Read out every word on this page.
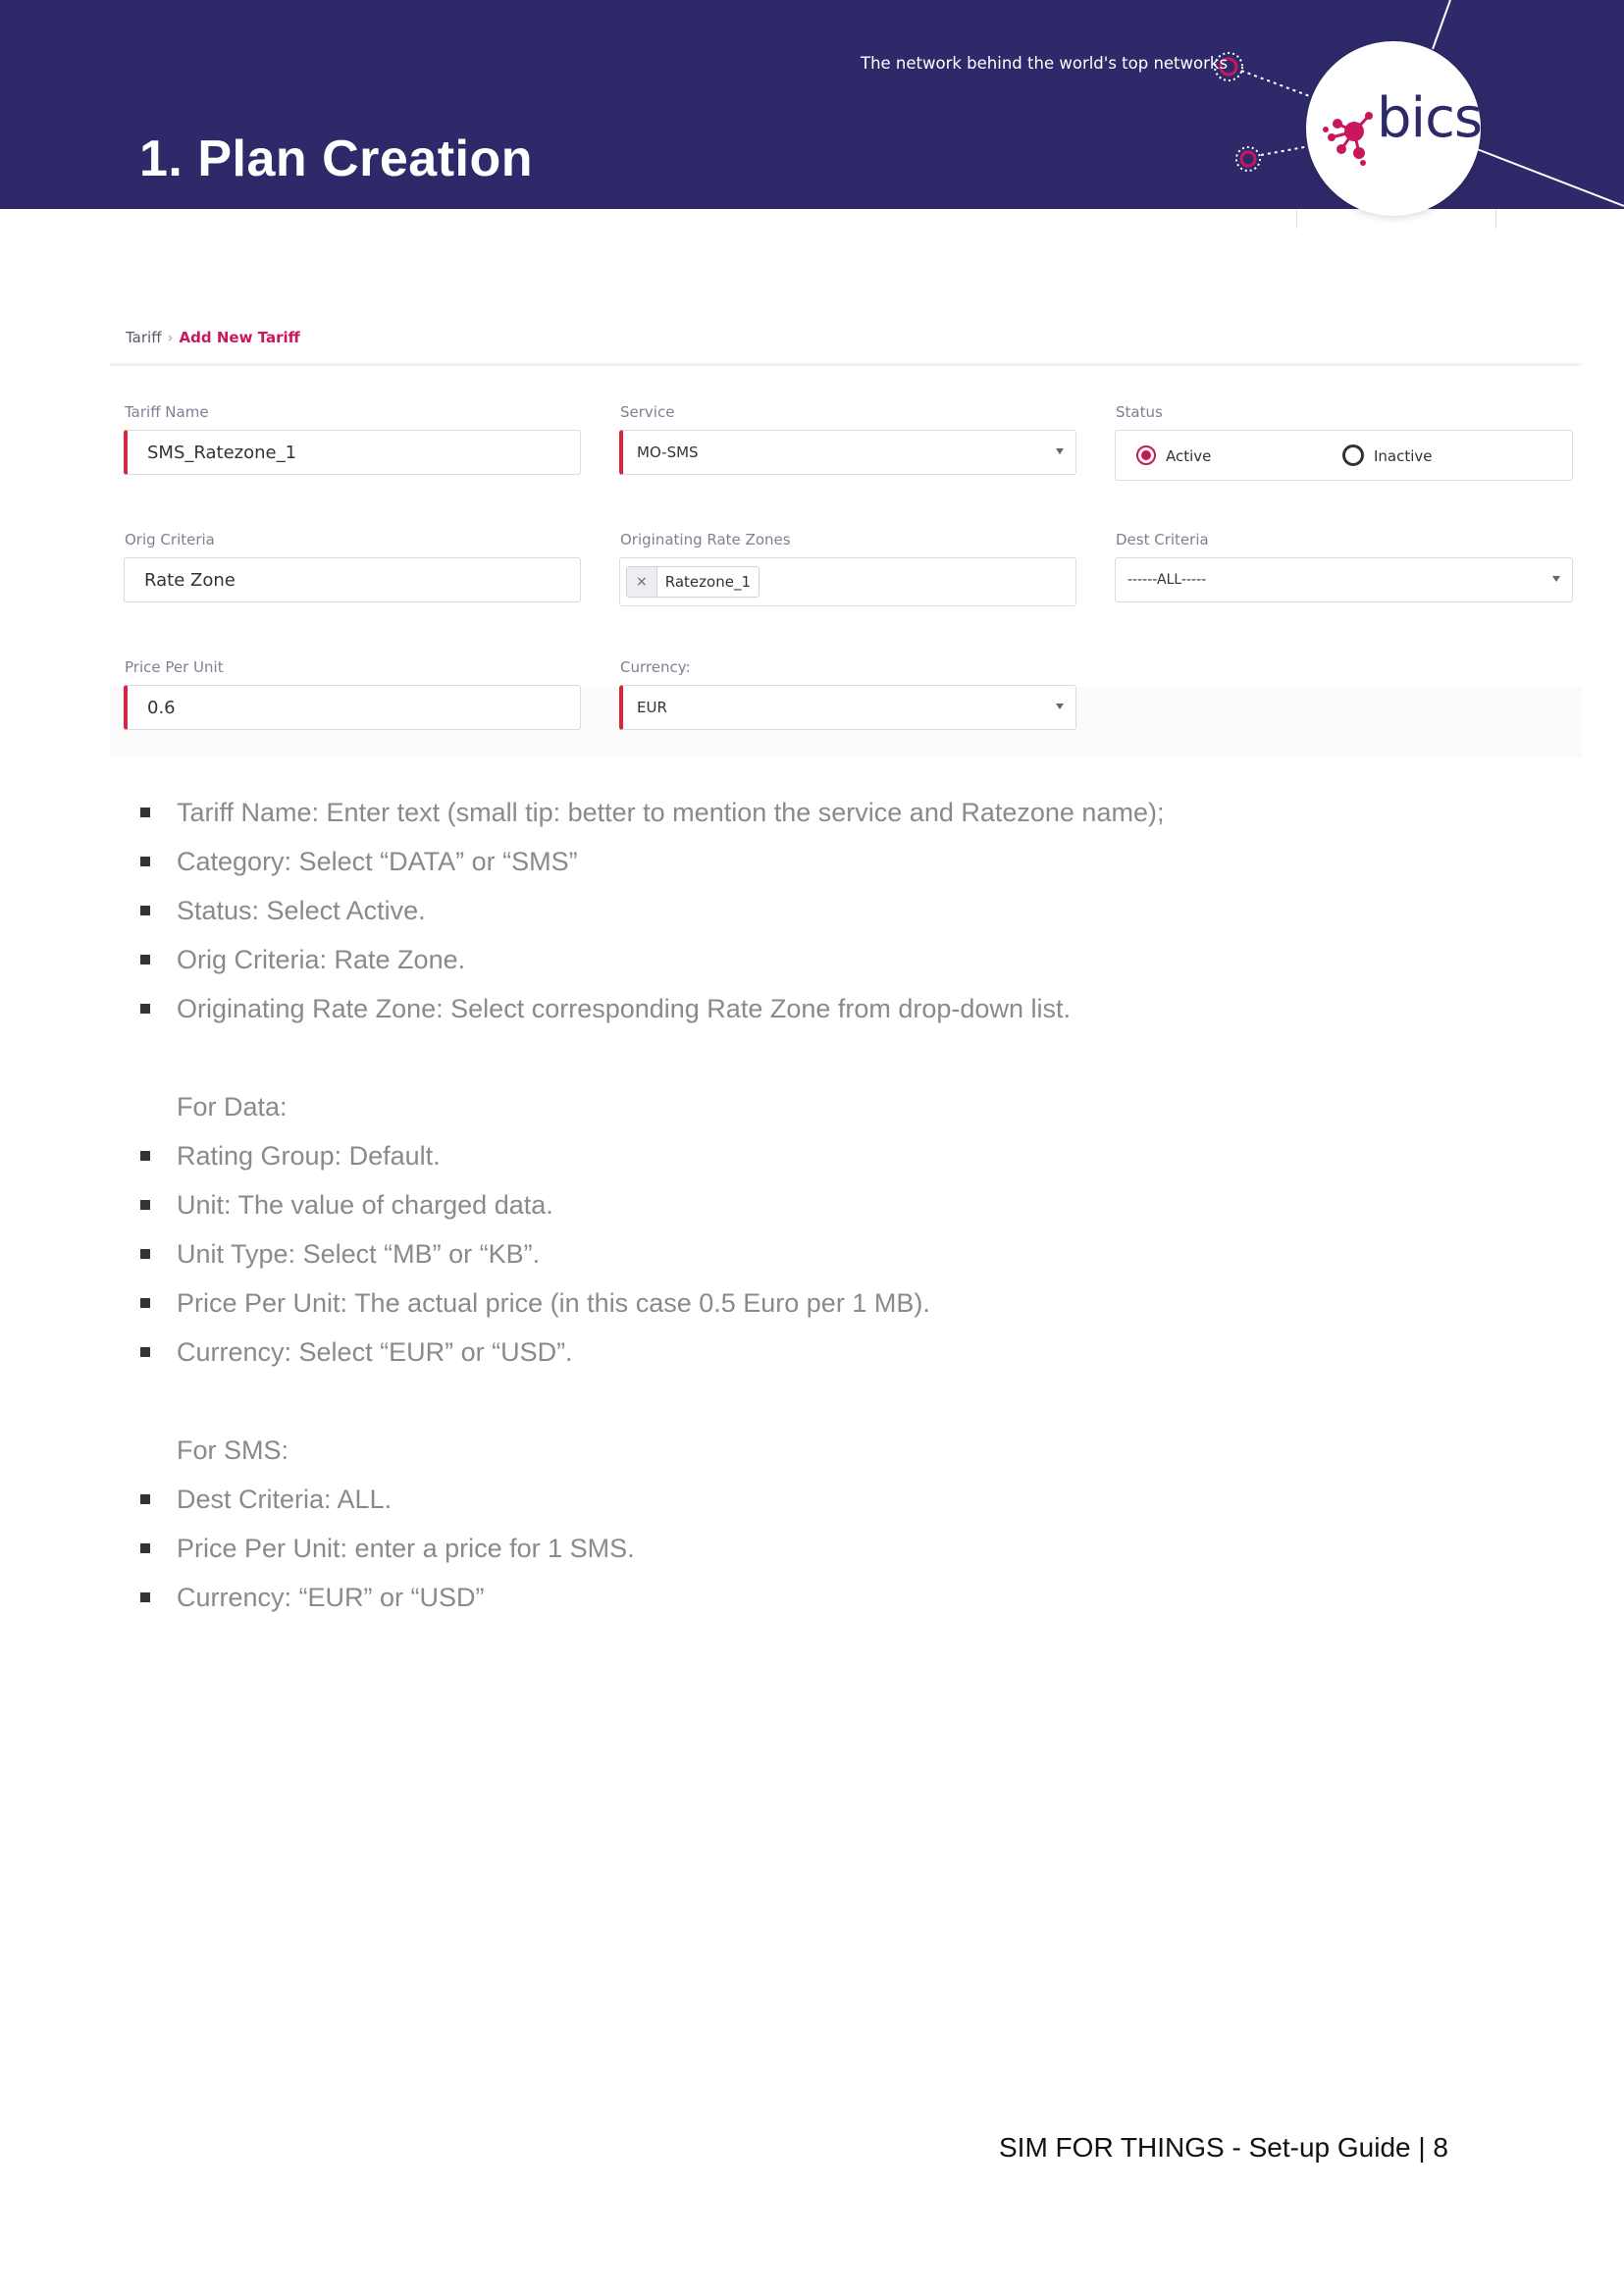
The network behind the world's top networks
1. Plan Creation
bics
Tariff › Add New Tariff
Tariff Name
SMS_Ratezone_1
Service
MO-SMS
Status
Active	Inactive
Orig Criteria
Rate Zone
Originating Rate Zones
×	Ratezone_1
Dest Criteria
------ALL-----
Price Per Unit
0.6
Currency:
EUR
Tariff Name: Enter text (small tip: better to mention the service and Ratezone name);
Category: Select “DATA” or “SMS”
Status: Select Active.
Orig Criteria: Rate Zone.
Originating Rate Zone: Select corresponding Rate Zone from drop-down list.
For Data:
Rating Group: Default.
Unit: The value of charged data.
Unit Type: Select “MB” or “KB”.
Price Per Unit: The actual price (in this case 0.5 Euro per 1 MB).
Currency: Select “EUR” or “USD”.
For SMS:
Dest Criteria: ALL.
Price Per Unit: enter a price for 1 SMS.
Currency: “EUR” or “USD”
SIM FOR THINGS - Set-up Guide | 8
